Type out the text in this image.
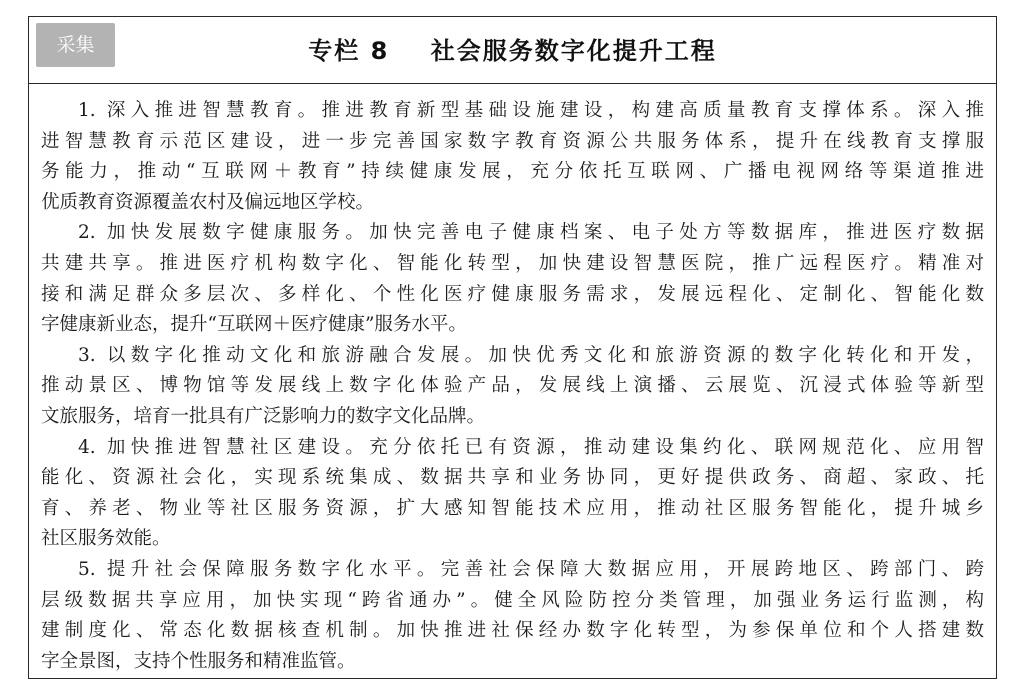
采集	专栏 8    社会服务数字化提升工程
1. 深入推进智慧教育。推进教育新型基础设施建设，构建高质量教育支撑体系。深入推
进智慧教育示范区建设，进一步完善国家数字教育资源公共服务体系，提升在线教育支撑服
务能力，推动“互联网＋教育”持续健康发展，充分依托互联网、广播电视网络等渠道推进
优质教育资源覆盖农村及偏远地区学校。
2. 加快发展数字健康服务。加快完善电子健康档案、电子处方等数据库，推进医疗数据
共建共享。推进医疗机构数字化、智能化转型，加快建设智慧医院，推广远程医疗。精准对
接和满足群众多层次、多样化、个性化医疗健康服务需求，发展远程化、定制化、智能化数
字健康新业态，提升“互联网＋医疗健康”服务水平。
3. 以数字化推动文化和旅游融合发展。加快优秀文化和旅游资源的数字化转化和开发，
推动景区、博物馆等发展线上数字化体验产品，发展线上演播、云展览、沉浸式体验等新型
文旅服务，培育一批具有广泛影响力的数字文化品牌。
4. 加快推进智慧社区建设。充分依托已有资源，推动建设集约化、联网规范化、应用智
能化、资源社会化，实现系统集成、数据共享和业务协同，更好提供政务、商超、家政、托
育、养老、物业等社区服务资源，扩大感知智能技术应用，推动社区服务智能化，提升城乡
社区服务效能。
5. 提升社会保障服务数字化水平。完善社会保障大数据应用，开展跨地区、跨部门、跨
层级数据共享应用，加快实现“跨省通办”。健全风险防控分类管理，加强业务运行监测，构
建制度化、常态化数据核查机制。加快推进社保经办数字化转型，为参保单位和个人搭建数
字全景图，支持个性服务和精准监管。
